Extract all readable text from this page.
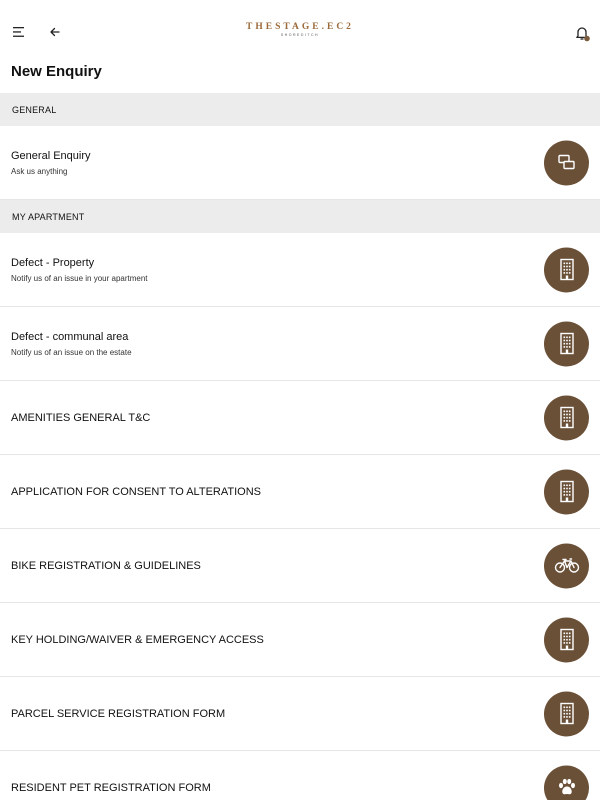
THESTAGE.EC2
SHOREDITCH
New Enquiry
GENERAL
General Enquiry
Ask us anything
MY APARTMENT
Defect - Property
Notify us of an issue in your apartment
Defect - communal area
Notify us of an issue on the estate
AMENITIES GENERAL T&C
APPLICATION FOR CONSENT TO ALTERATIONS
BIKE REGISTRATION & GUIDELINES
KEY HOLDING/WAIVER & EMERGENCY ACCESS
PARCEL SERVICE REGISTRATION FORM
RESIDENT PET REGISTRATION FORM
